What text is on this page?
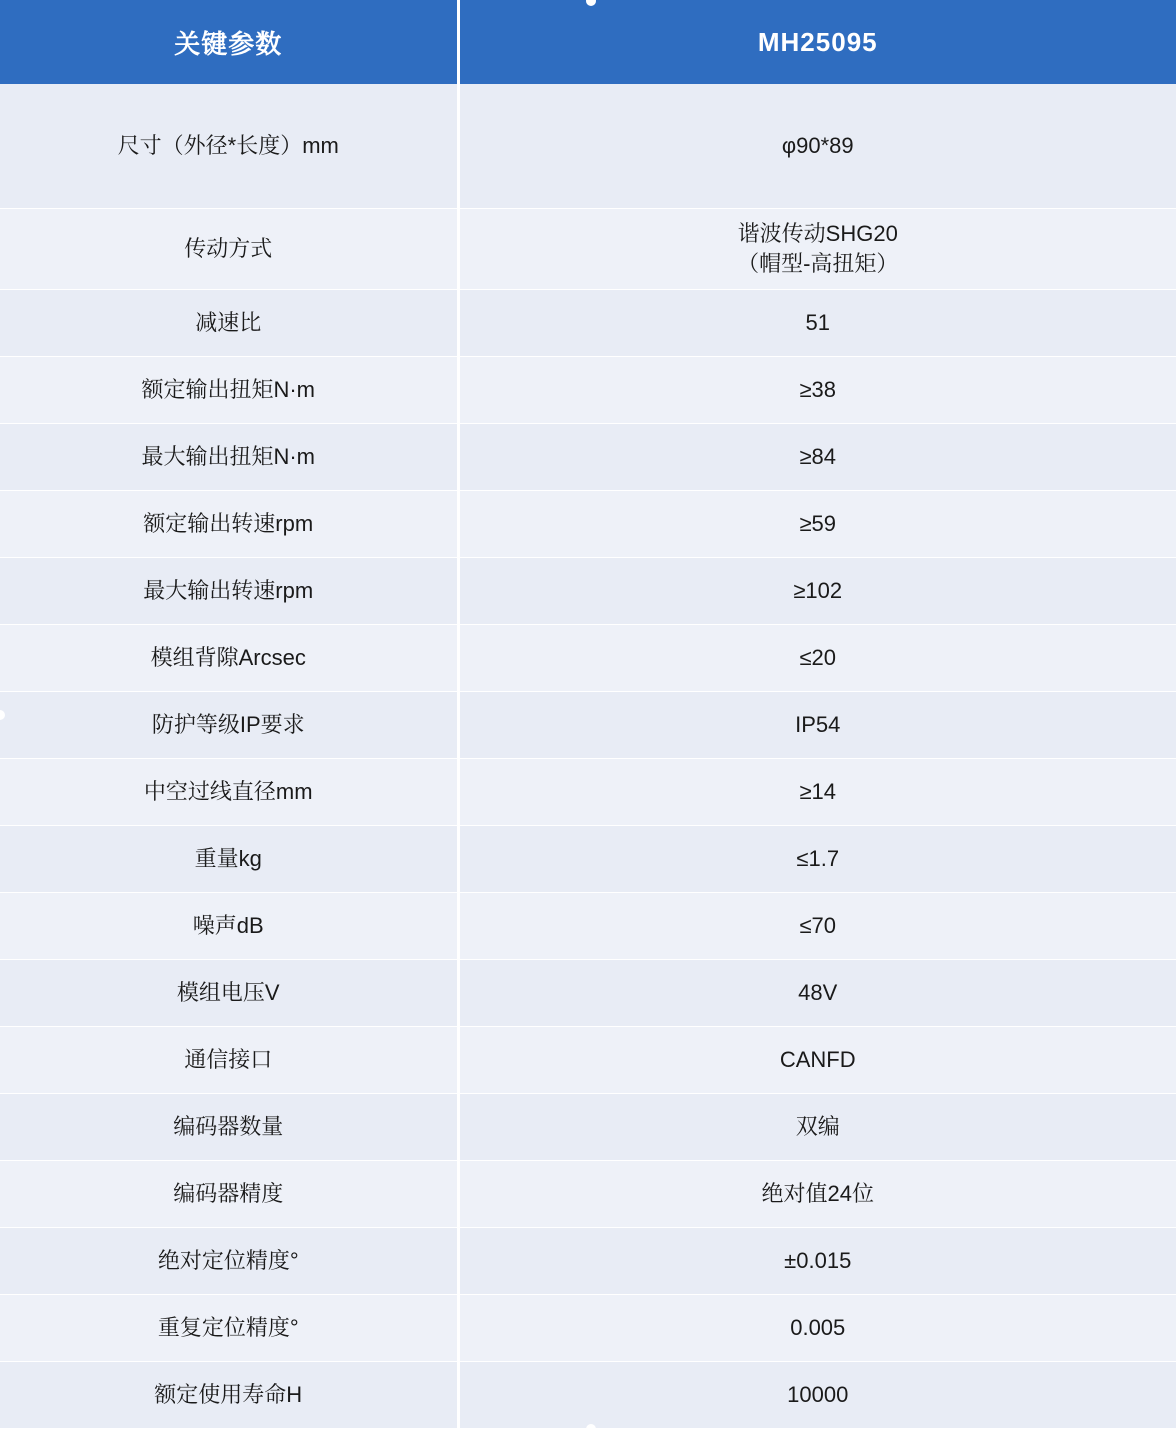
关键参数	MH25095
尺寸（外径*长度）mm	φ90*89

传动方式	谐波传动SHG20
（帽型-高扭矩）

减速比	51

额定输出扭矩N·m	≥38

最大输出扭矩N·m	≥84

额定输出转速rpm	≥59

最大输出转速rpm	≥102

模组背隙Arcsec	≤20

防护等级IP要求	IP54

中空过线直径mm	≥14

重量kg	≤1.7

噪声dB	≤70

模组电压V	48V

通信接口	CANFD

编码器数量	双编

编码器精度	绝对值24位

绝对定位精度°	±0.015

重复定位精度°	0.005

额定使用寿命H	10000
